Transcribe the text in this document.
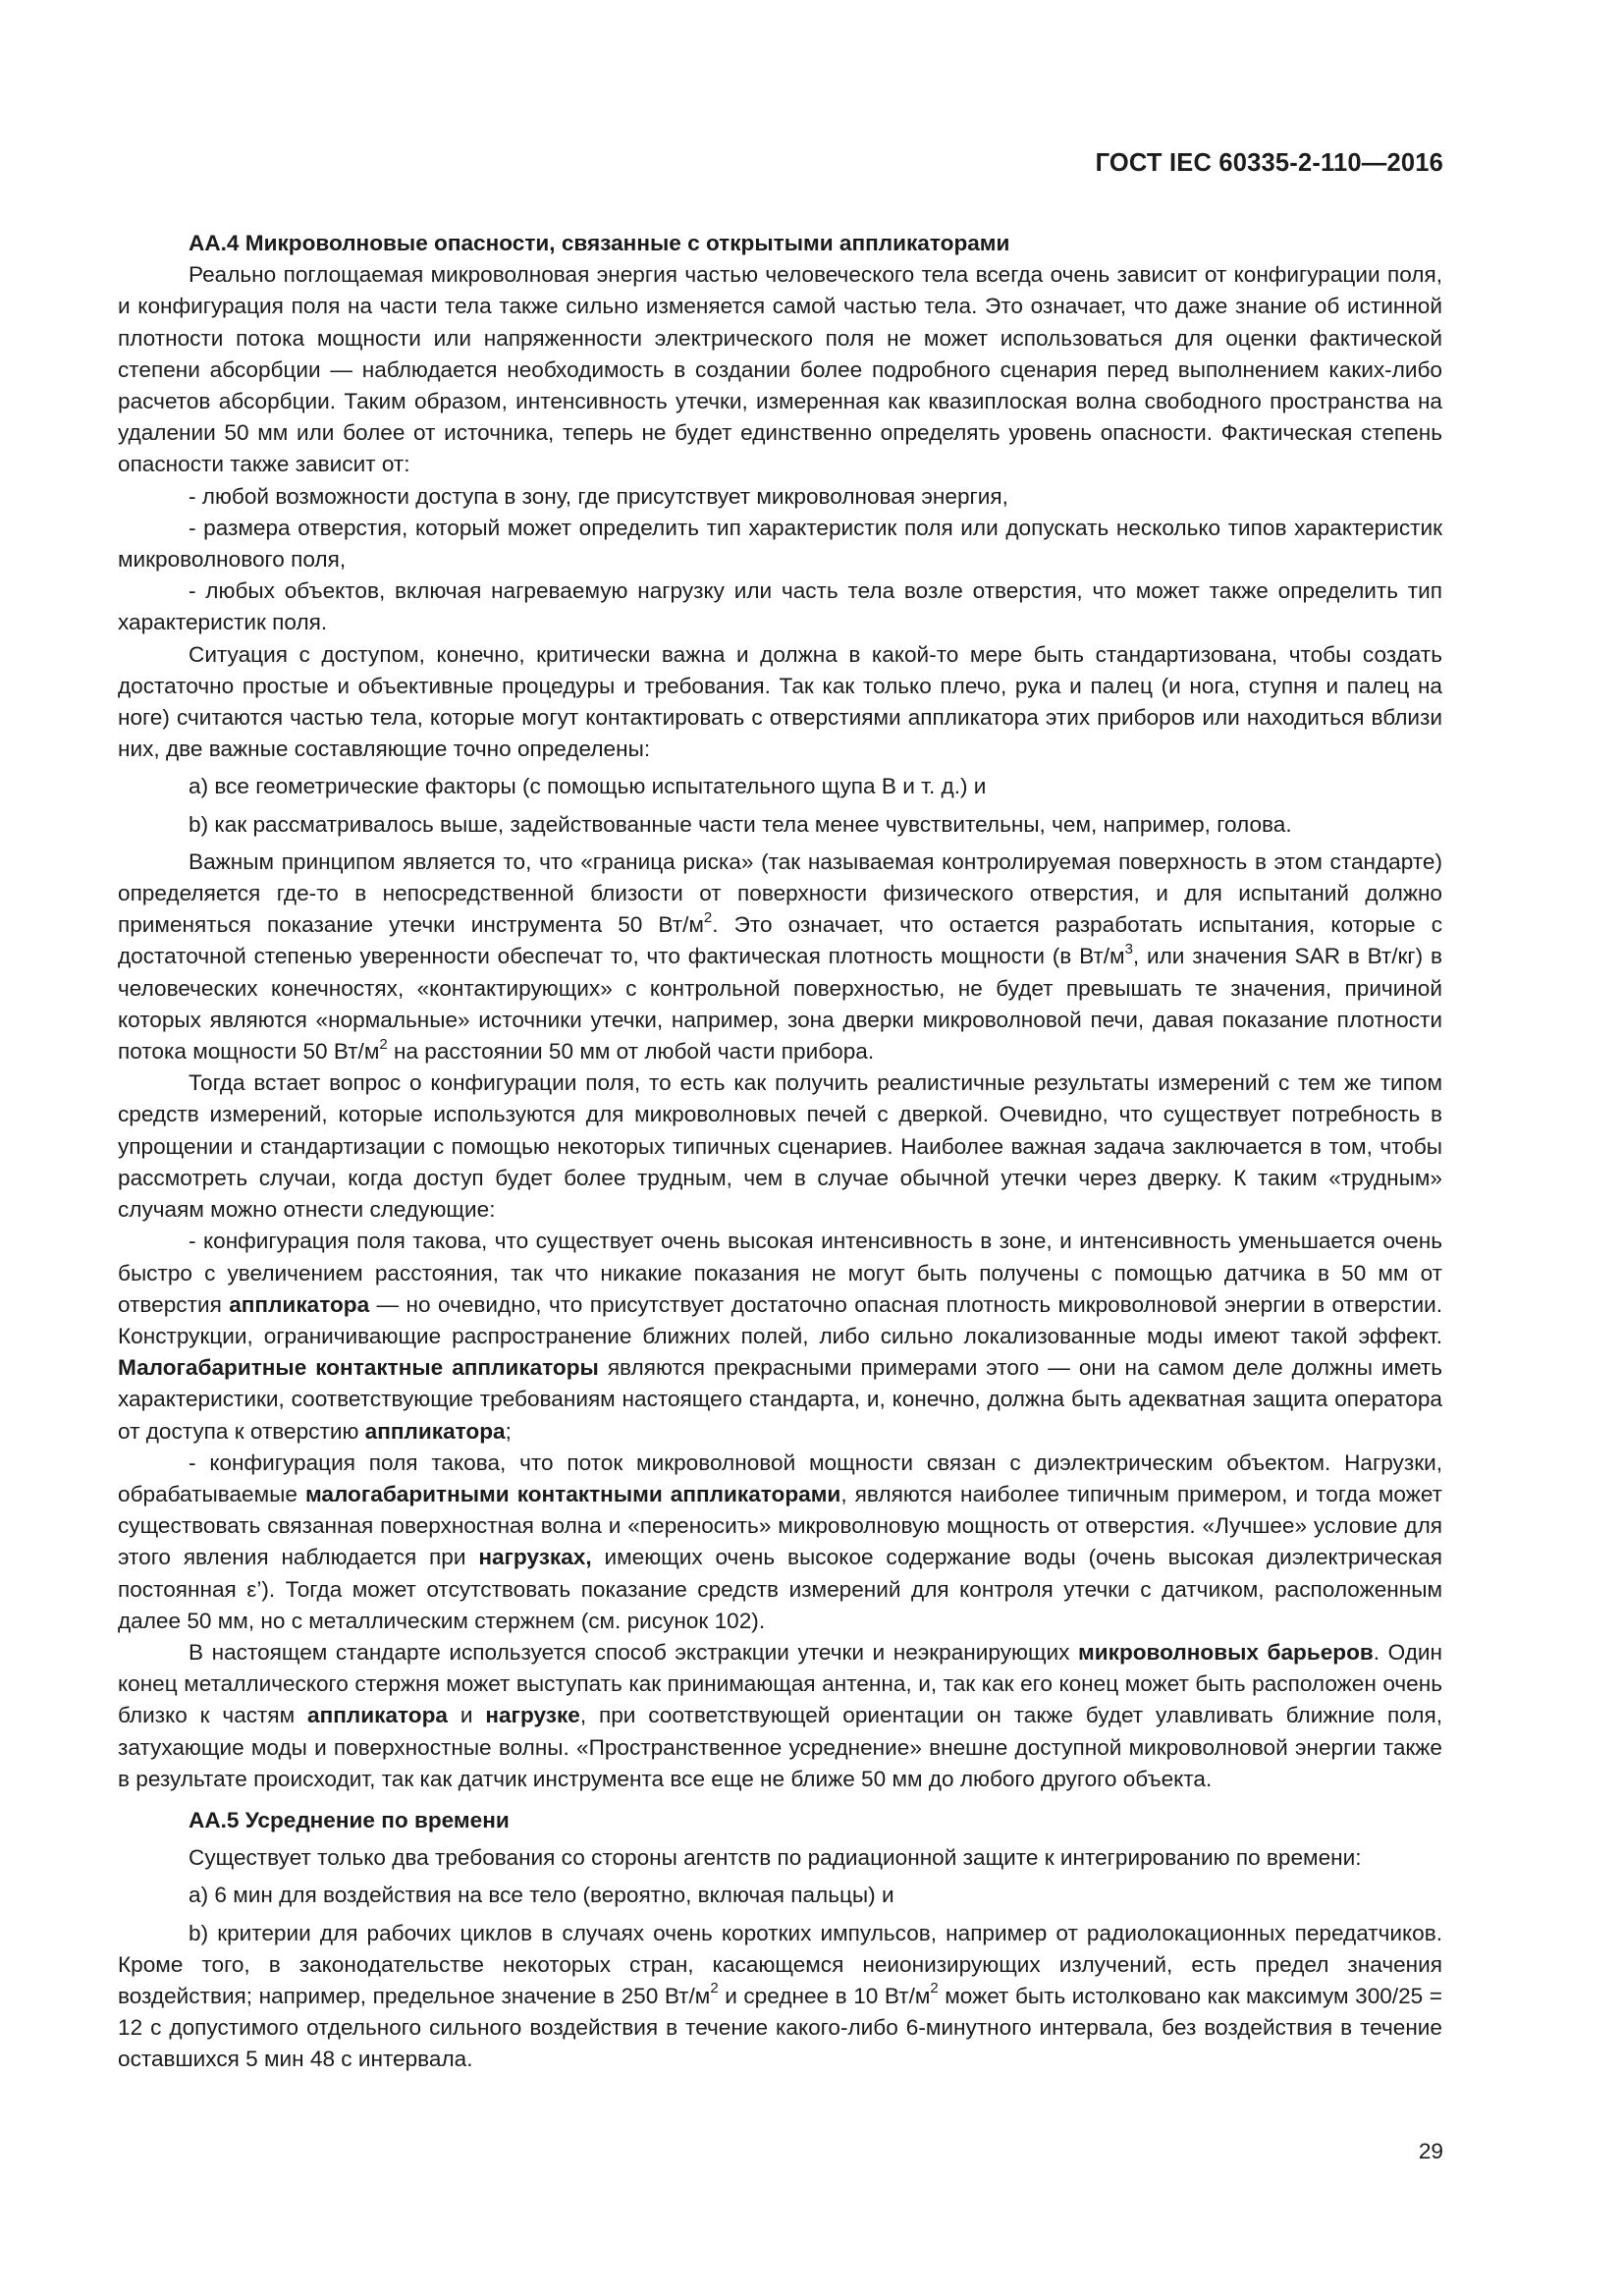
ГОСТ IEC 60335-2-110—2016
АА.4 Микроволновые опасности, связанные с открытыми аппликаторами

Реально поглощаемая микроволновая энергия частью человеческого тела всегда очень зависит от конфигурации поля, и конфигурация поля на части тела также сильно изменяется самой частью тела. Это означает, что даже знание об истинной плотности потока мощности или напряженности электрического поля не может использоваться для оценки фактической степени абсорбции — наблюдается необходимость в создании более подробного сценария перед выполнением каких-либо расчетов абсорбции. Таким образом, интенсивность утечки, измеренная как квазиплоская волна свободного пространства на удалении 50 мм или более от источника, теперь не будет единственно определять уровень опасности. Фактическая степень опасности также зависит от:

- любой возможности доступа в зону, где присутствует микроволновая энергия,

- размера отверстия, который может определить тип характеристик поля или допускать несколько типов характеристик микроволнового поля,

- любых объектов, включая нагреваемую нагрузку или часть тела возле отверстия, что может также определить тип характеристик поля.

Ситуация с доступом, конечно, критически важна и должна в какой-то мере быть стандартизована, чтобы создать достаточно простые и объективные процедуры и требования. Так как только плечо, рука и палец (и нога, ступня и палец на ноге) считаются частью тела, которые могут контактировать с отверстиями аппликатора этих приборов или находиться вблизи них, две важные составляющие точно определены:

а) все геометрические факторы (с помощью испытательного щупа B и т. д.) и

b) как рассматривалось выше, задействованные части тела менее чувствительны, чем, например, голова.

Важным принципом является то, что «граница риска» (так называемая контролируемая поверхность в этом стандарте) определяется где-то в непосредственной близости от поверхности физического отверстия, и для испытаний должно применяться показание утечки инструмента 50 $Вт/м^2$. Это означает, что остается разработать испытания, которые с достаточной степенью уверенности обеспечат то, что фактическая плотность мощности (в $Вт/м^3$, или значения SAR в Вт/кг) в человеческих конечностях, «контактирующих» с контрольной поверхностью, не будет превышать те значения, причиной которых являются «нормальные» источники утечки, например, зона дверки микроволновой печи, давая показание плотности потока мощности 50 $Вт/м^2$ на расстоянии 50 мм от любой части прибора.

Тогда встает вопрос о конфигурации поля, то есть как получить реалистичные результаты измерений с тем же типом средств измерений, которые используются для микроволновых печей с дверкой. Очевидно, что существует потребность в упрощении и стандартизации с помощью некоторых типичных сценариев. Наиболее важная задача заключается в том, чтобы рассмотреть случаи, когда доступ будет более трудным, чем в случае обычной утечки через дверку. К таким «трудным» случаям можно отнести следующие:

- конфигурация поля такова, что существует очень высокая интенсивность в зоне, и интенсивность уменьшается очень быстро с увеличением расстояния, так что никакие показания не могут быть получены с помощью датчика в 50 мм от отверстия аппликатора — но очевидно, что присутствует достаточно опасная плотность микроволновой энергии в отверстии. Конструкции, ограничивающие распространение ближних полей, либо сильно локализованные моды имеют такой эффект. Малогабаритные контактные аппликаторы являются прекрасными примерами этого — они на самом деле должны иметь характеристики, соответствующие требованиям настоящего стандарта, и, конечно, должна быть адекватная защита оператора от доступа к отверстию аппликатора;

- конфигурация поля такова, что поток микроволновой мощности связан с диэлектрическим объектом. Нагрузки, обрабатываемые малогабаритными контактными аппликаторами, являются наиболее типичным примером, и тогда может существовать связанная поверхностная волна и «переносить» микроволновую мощность от отверстия. «Лучшее» условие для этого явления наблюдается при нагрузках, имеющих очень высокое содержание воды (очень высокая диэлектрическая постоянная ε’). Тогда может отсутствовать показание средств измерений для контроля утечки с датчиком, расположенным далее 50 мм, но с металлическим стержнем (см. рисунок 102).

В настоящем стандарте используется способ экстракции утечки и неэкранирующих микроволновых барьеров. Один конец металлического стержня может выступать как принимающая антенна, и, так как его конец может быть расположен очень близко к частям аппликатора и нагрузке, при соответствующей ориентации он также будет улавливать ближние поля, затухающие моды и поверхностные волны. «Пространственное усреднение» внешне доступной микроволновой энергии также в результате происходит, так как датчик инструмента все еще не ближе 50 мм до любого другого объекта.

АА.5 Усреднение по времени

Существует только два требования со стороны агентств по радиационной защите к интегрированию по времени:

а) 6 мин для воздействия на все тело (вероятно, включая пальцы) и

b) критерии для рабочих циклов в случаях очень коротких импульсов, например от радиолокационных передатчиков. Кроме того, в законодательстве некоторых стран, касающемся неионизирующих излучений, есть предел значения воздействия; например, предельное значение в 250 $Вт/м^2$ и среднее в 10 $Вт/м^2$ может быть истолковано как максимум 300/25 = 12 с допустимого отдельного сильного воздействия в течение какого-либо 6-минутного интервала, без воздействия в течение оставшихся 5 мин 48 с интервала.

29
